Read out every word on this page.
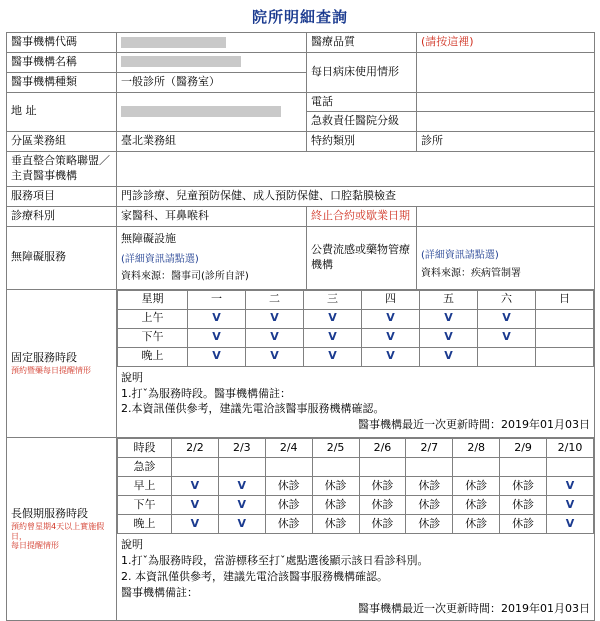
院所明細查詢
醫事機構代碼		醫療品質	(請按這裡)
醫事機構名稱		每日病床使用情形	
醫事機構種類	一般診所（醫務室）
地 址		電話	
急救責任醫院分級	
分區業務組	臺北業務組	特約類別	診所
垂直整合策略聯盟／主責醫事機構	
服務項目	門診診療、兒童預防保健、成人預防保健、口腔黏膜檢查
診療科別	家醫科、耳鼻喉科	終止合約或歇業日期	
無障礙服務	
無障礙設施
(詳細資訊請點選)
資料來源：醫事司(診所自評)
	公費流感或藥物管療機構	
(詳細資訊請點選)
資料來源：疾病管制署

固定服務時段
預約暨藥每日提醒情形

星期	一	二	三	四	五	六	日
上午	V	V	V	V	V	V	
下午	V	V	V	V	V	V	
晚上	V	V	V	V	V		
說明
1.打ˇ為服務時段。醫事機構備註：
2.本資訊僅供參考，建議先電洽該醫事服務機構確認。
醫事機構最近一次更新時間：2019年01月03日

長假期服務時段
預約曾星期4天以上實施假日，
每日提醒情形

時段	2/2	2/3	2/4	2/5	2/6	2/7	2/8	2/9	2/10
急診									
早上	V	V	休診	休診	休診	休診	休診	休診	V
下午	V	V	休診	休診	休診	休診	休診	休診	V
晚上	V	V	休診	休診	休診	休診	休診	休診	V
說明
1.打ˇ為服務時段，當游標移至打ˇ處點選後顯示該日看診科別。
2. 本資訊僅供參考，建議先電洽該醫事服務機構確認。
醫事機構備註：
醫事機構最近一次更新時間：2019年01月03日
